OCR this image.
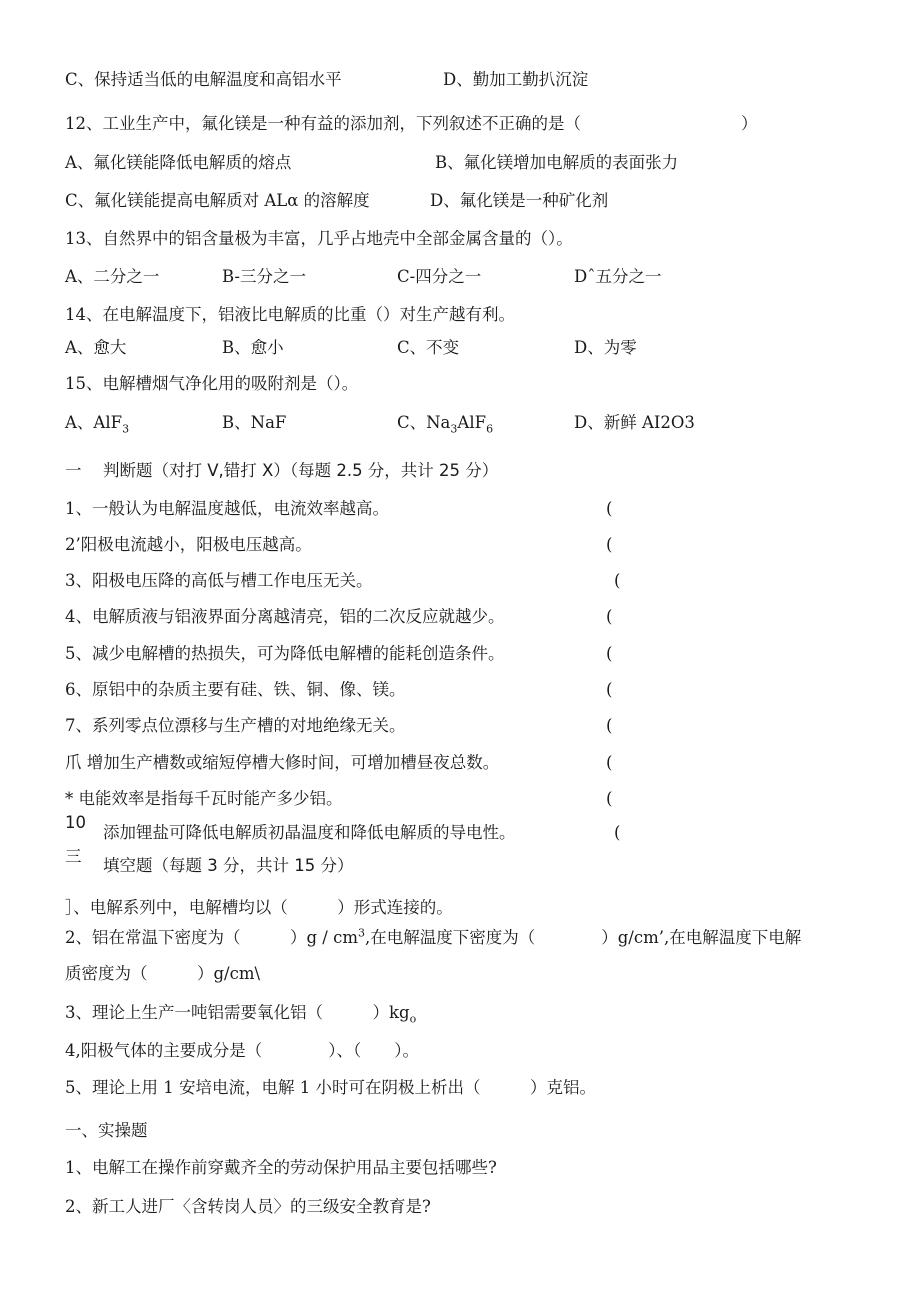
C、保持适当低的电解温度和高铝水平	D、勤加工勤扒沉淀
12、工业生产中，氟化镁是一种有益的添加剂，下列叙述不正确的是（	）
A、氟化镁能降低电解质的熔点	B、氟化镁增加电解质的表面张力
C、氟化镁能提高电解质对 ALα 的溶解度	D、氟化镁是一种矿化剂
13、自然界中的铝含量极为丰富，几乎占地壳中全部金属含量的（）。
A、二分之一	B-三分之一	C-四分之一	Dˆ五分之一
14、在电解温度下，铝液比电解质的比重（）对生产越有利。
A、愈大	B、愈小	C、不变	D、为零
15、电解槽烟气净化用的吸附剂是（）。
A、AlF$_3$	B、NaF	C、$Na_3AlF_6$	D、新鲜 AI2O3
一 判断题（对打 V,错打 X）（每题 2.5 分，共计 25 分）
1、一般认为电解温度越低，电流效率越高。	(
2’阳极电流越小，阳极电压越高。	(
3、阳极电压降的高低与槽工作电压无关。	(
4、电解质液与铝液界面分离越清亮，铝的二次反应就越少。	(
5、减少电解槽的热损失，可为降低电解槽的能耗创造条件。	(
6、原铝中的杂质主要有硅、铁、铜、像、镁。	(
7、系列零点位漂移与生产槽的对地绝缘无关。	(
爪 增加生产槽数或缩短停槽大修时间，可增加槽昼夜总数。	(
* 电能效率是指每千瓦时能产多少铝。	(
10
添加锂盐可降低电解质初晶温度和降低电解质的导电性。	(
三 填空题（每题 3 分，共计 15 分）
］、电解系列中，电解槽均以（　　　）形式连接的。
2、铝在常温下密度为（　　　）$g / cm^3$,在电解温度下密度为（　　　　）g/cm’,在电解温度下电解
质密度为（　　　）g/cm\
3、理论上生产一吨铝需要氧化铝（　　　）$kg_o$
4,阳极气体的主要成分是（　　　　）、（　　）。
5、理论上用 1 安培电流，电解 1 小时可在阴极上析出（　　　）克铝。
一、实操题
1、电解工在操作前穿戴齐全的劳动保护用品主要包括哪些?
2、新工人进厂〈含转岗人员〉的三级安全教育是?
